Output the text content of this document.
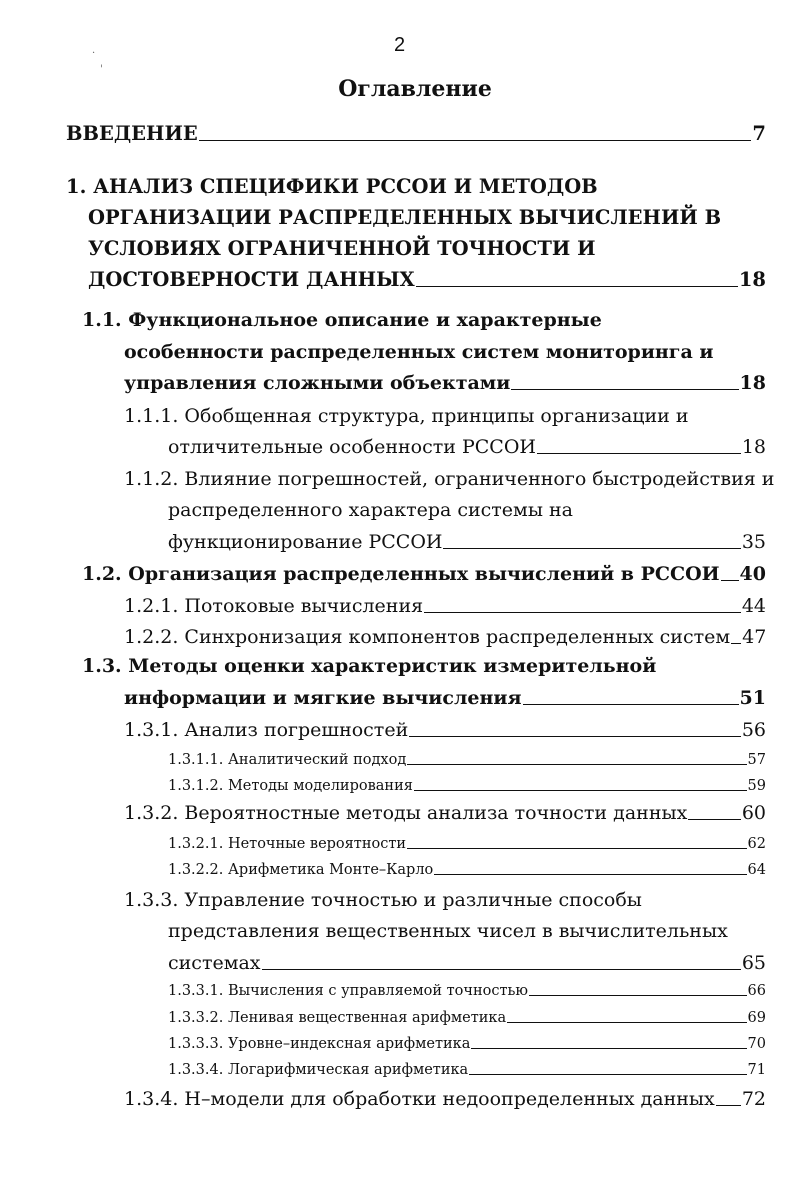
·
'
2
Оглавление
ВВЕДЕНИЕ	7
1. АНАЛИЗ СПЕЦИФИКИ РССОИ И МЕТОДОВ
ОРГАНИЗАЦИИ РАСПРЕДЕЛЕННЫХ ВЫЧИСЛЕНИЙ В
УСЛОВИЯХ ОГРАНИЧЕННОЙ ТОЧНОСТИ И
ДОСТОВЕРНОСТИ ДАННЫХ	18
1.1. Функциональное описание и характерные
особенности распределенных систем мониторинга и
управления сложными объектами	18
1.1.1. Обобщенная структура, принципы организации и
отличительные особенности РССОИ	18
1.1.2. Влияние погрешностей, ограниченного быстродействия и
распределенного характера системы на
функционирование РССОИ	35
1.2. Организация распределенных вычислений в РССОИ 40
1.2.1. Потоковые вычисления	44
1.2.2. Синхронизация компонентов распределенных систем 47
1.3. Методы оценки характеристик измерительной
информации и мягкие вычисления	51
1.3.1. Анализ погрешностей	56
1.3.1.1. Аналитический подход	57
1.3.1.2. Методы моделирования	59
1.3.2. Вероятностные методы анализа точности данных	60
1.3.2.1. Неточные вероятности	62
1.3.2.2. Арифметика Монте–Карло	64
1.3.3. Управление точностью и различные способы
представления вещественных чисел в вычислительных
системах	65
1.3.3.1. Вычисления с управляемой точностью	66
1.3.3.2. Ленивая вещественная арифметика	69
1.3.3.3. Уровне–индексная арифметика	70
1.3.3.4. Логарифмическая арифметика	71
1.3.4. Н–модели для обработки недоопределенных данных 72
